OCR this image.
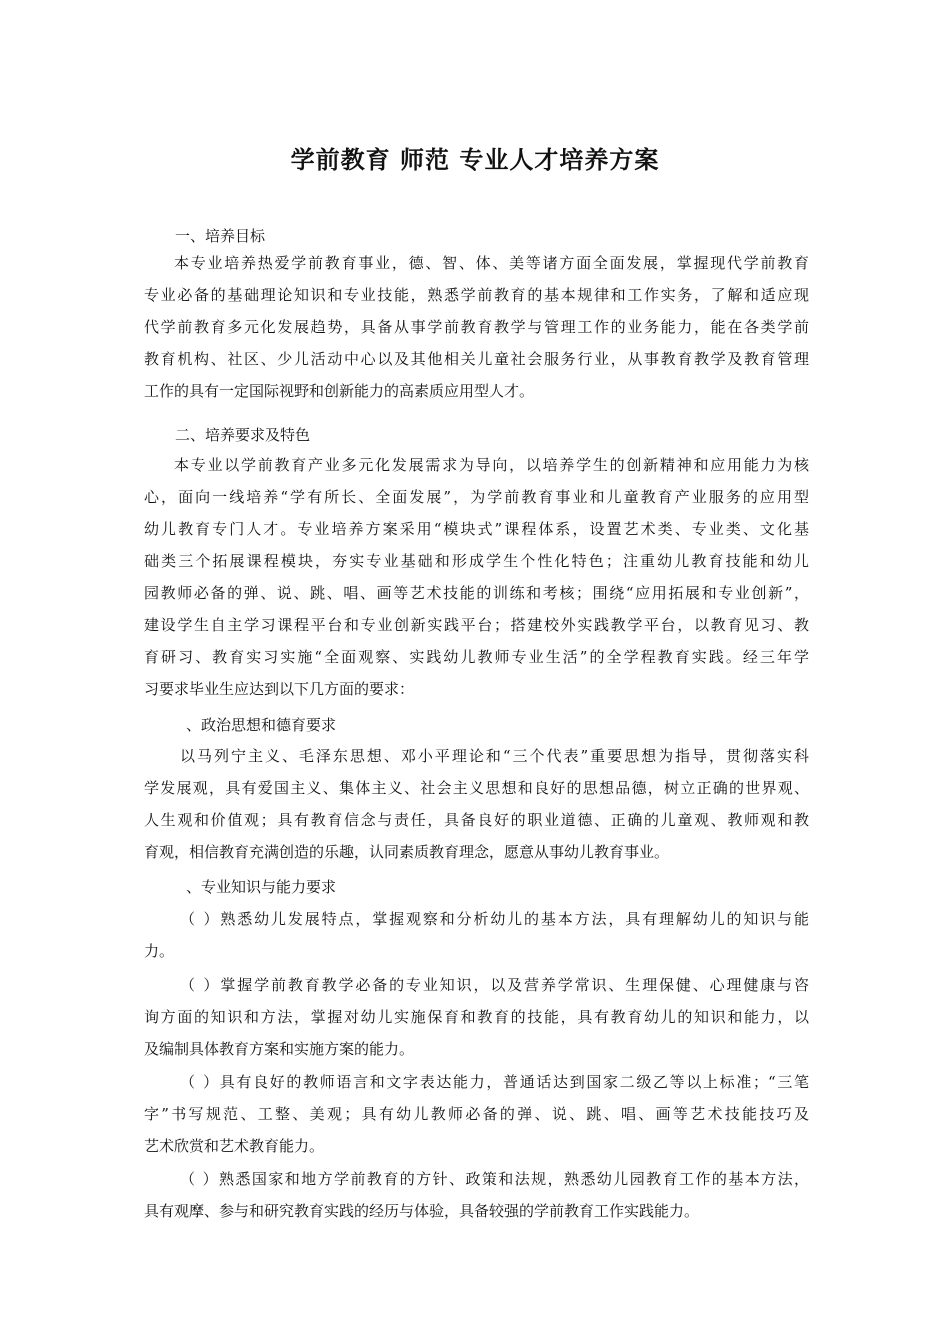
学前教育 师范 专业人才培养方案
一、培养目标
本专业培养热爱学前教育事业，德、智、体、美等诸方面全面发展，掌握现代学前教育
专业必备的基础理论知识和专业技能，熟悉学前教育的基本规律和工作实务，了解和适应现
代学前教育多元化发展趋势，具备从事学前教育教学与管理工作的业务能力，能在各类学前
教育机构、社区、少儿活动中心以及其他相关儿童社会服务行业，从事教育教学及教育管理
工作的具有一定国际视野和创新能力的高素质应用型人才。
二、培养要求及特色
本专业以学前教育产业多元化发展需求为导向，以培养学生的创新精神和应用能力为核
心，面向一线培养“学有所长、全面发展”，为学前教育事业和儿童教育产业服务的应用型
幼儿教育专门人才。专业培养方案采用“模块式”课程体系，设置艺术类、专业类、文化基
础类三个拓展课程模块，夯实专业基础和形成学生个性化特色；注重幼儿教育技能和幼儿
园教师必备的弹、说、跳、唱、画等艺术技能的训练和考核；围绕“应用拓展和专业创新”，
建设学生自主学习课程平台和专业创新实践平台；搭建校外实践教学平台，以教育见习、教
育研习、教育实习实施“全面观察、实践幼儿教师专业生活”的全学程教育实践。经三年学
习要求毕业生应达到以下几方面的要求：
、政治思想和德育要求
以马列宁主义、毛泽东思想、邓小平理论和“三个代表”重要思想为指导，贯彻落实科
学发展观，具有爱国主义、集体主义、社会主义思想和良好的思想品德，树立正确的世界观、
人生观和价值观；具有教育信念与责任，具备良好的职业道德、正确的儿童观、教师观和教
育观，相信教育充满创造的乐趣，认同素质教育理念，愿意从事幼儿教育事业。
、专业知识与能力要求
（ ）熟悉幼儿发展特点，掌握观察和分析幼儿的基本方法，具有理解幼儿的知识与能
力。
（ ）掌握学前教育教学必备的专业知识，以及营养学常识、生理保健、心理健康与咨
询方面的知识和方法，掌握对幼儿实施保育和教育的技能，具有教育幼儿的知识和能力，以
及编制具体教育方案和实施方案的能力。
（ ）具有良好的教师语言和文字表达能力，普通话达到国家二级乙等以上标准；“三笔
字”书写规范、工整、美观；具有幼儿教师必备的弹、说、跳、唱、画等艺术技能技巧及
艺术欣赏和艺术教育能力。
（ ）熟悉国家和地方学前教育的方针、政策和法规，熟悉幼儿园教育工作的基本方法，
具有观摩、参与和研究教育实践的经历与体验，具备较强的学前教育工作实践能力。
